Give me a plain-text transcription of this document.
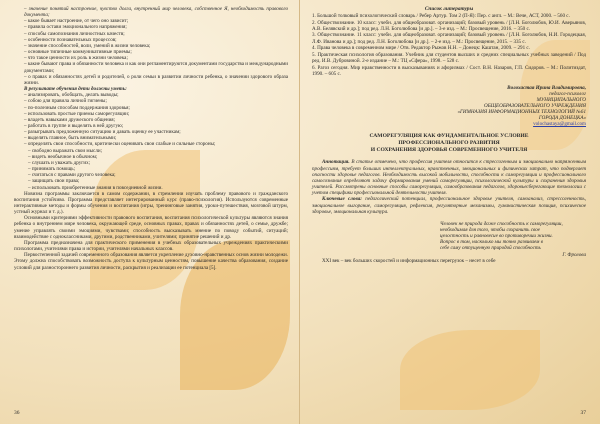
– значение понятий настроение, чувство долга, внутренний мир человека, собственное Я, необходимость правового документа;

– какое бывает настроение, от чего оно зависит;

– правила остави эмоционального напряжения;

– способы самопознания личностных качеств;

– особенности познавательных процессов;

– значение способностей, воли, умений в жизни человека;

– основные типичные коммуникативные приемы;

– что такое ценности их роль в жизни человека;

– какие бывают права и обязанности человека и как они регламентируются документами государства и международными документами;

– о правах и обязанностях детей и родителей, о роли семьи в развитии личности ребенка, о значении здорового образа жизни.

В результате обучения дети должны уметь:

– анализировать, обобщать, делать выводы;

– собою для правила личной гигиены;

– по-полезным способам поддержания здоровья;

– использовать простые приемы саморегуляции;

– владеть навыками дружеского общения;

– работать в группе и выделять в ней другую;

– разыгрывать предложенную ситуацию и давать оценку ее участникам;

– выделять главное, быть внимательными;

– определять свои способности, критически оценивать свои слабые и сильные стороны;

– свободно выражать свои мысли;

– видеть необычное в обычном;

– слушать и уважать других;

– принимать помощь;

– считаться с правами другого человека;

– защищать свои права;

– использовать приобретенные знания в повседневной жизни.

Новизна программы заключается в самом содержании, в стремлении изучать проблему правового и гражданского воспитания устойчиво. Программа представляет интегрированный курс (право-психология). Используются современные интерактивные методы и формы обучения и воспитания (игры, тренинговые занятия, уроки-путешествия, мозговой штурм, устный журнал и т. д.).

Основными критериями эффективности правового воспитания, воспитания психологической культуры являются знания ребенка о внутреннем мире человека, окружающей среде, основных правах, правах и обязанностях детей, о семье, дружбе; умение управлять своими эмоциями, чувствами; способность высказывать мнение по поводу событий, ситуаций; взаимодействие с одноклассниками, другими, родственниками, учителями; принятие решений и др.

Программа предназначена для практического применения в учебных образовательных учреждениях практическими психологами, учителями права и истории, учителями начальных классов.

Первостепенной задачей современного образования является укрепление духовно-нравственных основ жизни молодежи. Этому должна способствовать возможность доступа к культурным ценностям, повышение качества образования, создание условий для разностороннего развития личности, раскрытия и реализации ее потенциала [5].

36
Список литературы

1. Большой толковый психологический словарь / Ребер Артур. Том 2 (П-Я): Пер. с англ. – М.: Вече, АСТ, 2000. – 560 с.

2. Обществознание. 10 класс: учебн. для общеобразоват. организаций; базовый уровень / [Л.Н. Боголюбов, Ю.И. Аверьянов, А.В. Белявский и др.]; под ред. Л.Н. Боголюбова [и др.]. – 3-е изд. – М.: Просвещение, 2016. – 350 с.

3. Обществознание. 11 класс: учебн. для общеобразоват. организаций; базовый уровень / [Л.Н. Боголюбов, Н.И. Городецкая, Л.Ф. Иванова и др.]; под ред. Л.Н. Боголюбова [и др.]. – 2-е изд. – М.: Просвещение, 2015. – 335 с.

4. Права человека в современном мире / Отв. Редактор Рыжов Н.Н. – Донецк: Каштан, 2009. – 291 с.

5. Практическая психология образования. Учебник для студентов высших и средних специальных учебных заведений / Под ред. И.В. Дубровиной. 2-е издание – М.: ТЦ «Сфера», 1998. – 528 с.

6. Рагоз сегодня. Мир нравственности в высказываниях и афоризмах / Сост. В.Н. Назаров, Г.П. Сидоров. – М.: Политиздат, 1990. – 605 с.

Волохастая Ирина Владимировна,
педагог-психолог
МУНИЦИПАЛЬНОГО
ОБЩЕОБРАЗОВАТЕЛЬНОГО УЧРЕЖДЕНИЯ
«ГИМНАЗИЯ ИНФОРМАЦИОННЫХ ТЕХНОЛОГИЙ №61
ГОРОДА ДОНЕЦКА»
volochastaya@gmail.com
САМОРЕГУЛЯЦИЯ КАК ФУНДАМЕНТАЛЬНОЕ УСЛОВИЕ
ПРОФЕССИОНАЛЬНОГО РАЗВИТИЯ
И СОХРАНЕНИЯ ЗДОРОВЬЯ СОВРЕМЕННОГО УЧИТЕЛЯ

Аннотация. В статье отмечено, что профессия учителя относится к стрессогенным и эмоционально напряженным профессиям, требует больших интеллектуальных, нравственных, эмоциональных и физических затрат, что подвергает опасности здоровье педагогов. Необходимость высокой мобильности, способности к саморегуляции и профессионального самосознания определяют задачу формирования умений саморегуляции, психологической культуры и сохранения здоровья учителей. Рассмотрены основные способы саморегуляции, самообразования педагогов, здоровьесберегающие технологии с учетом специфики профессиональной деятельности учителя.

Ключевые слова: педагогический потенциал, профессиональное здоровье учителя, самоанализ, стрессогенность, эмоциональное выгорание, саморегуляция, рефлексия, регуляторные механизмы, гуманистическая позиция, психическое здоровье, эмоциональная культура.

Человек не природа даже способность к саморегуляции,
необходимая для того, чтобы сохранить свое
целостность и равновесие во противоречии жизни.
Вопрос в том, насколько мы точно развиваем в
себе саму отпущенную природой способность
Г. Фролова
XXI век – век больших скоростей и информационных перегрузок – несет в себе
37
